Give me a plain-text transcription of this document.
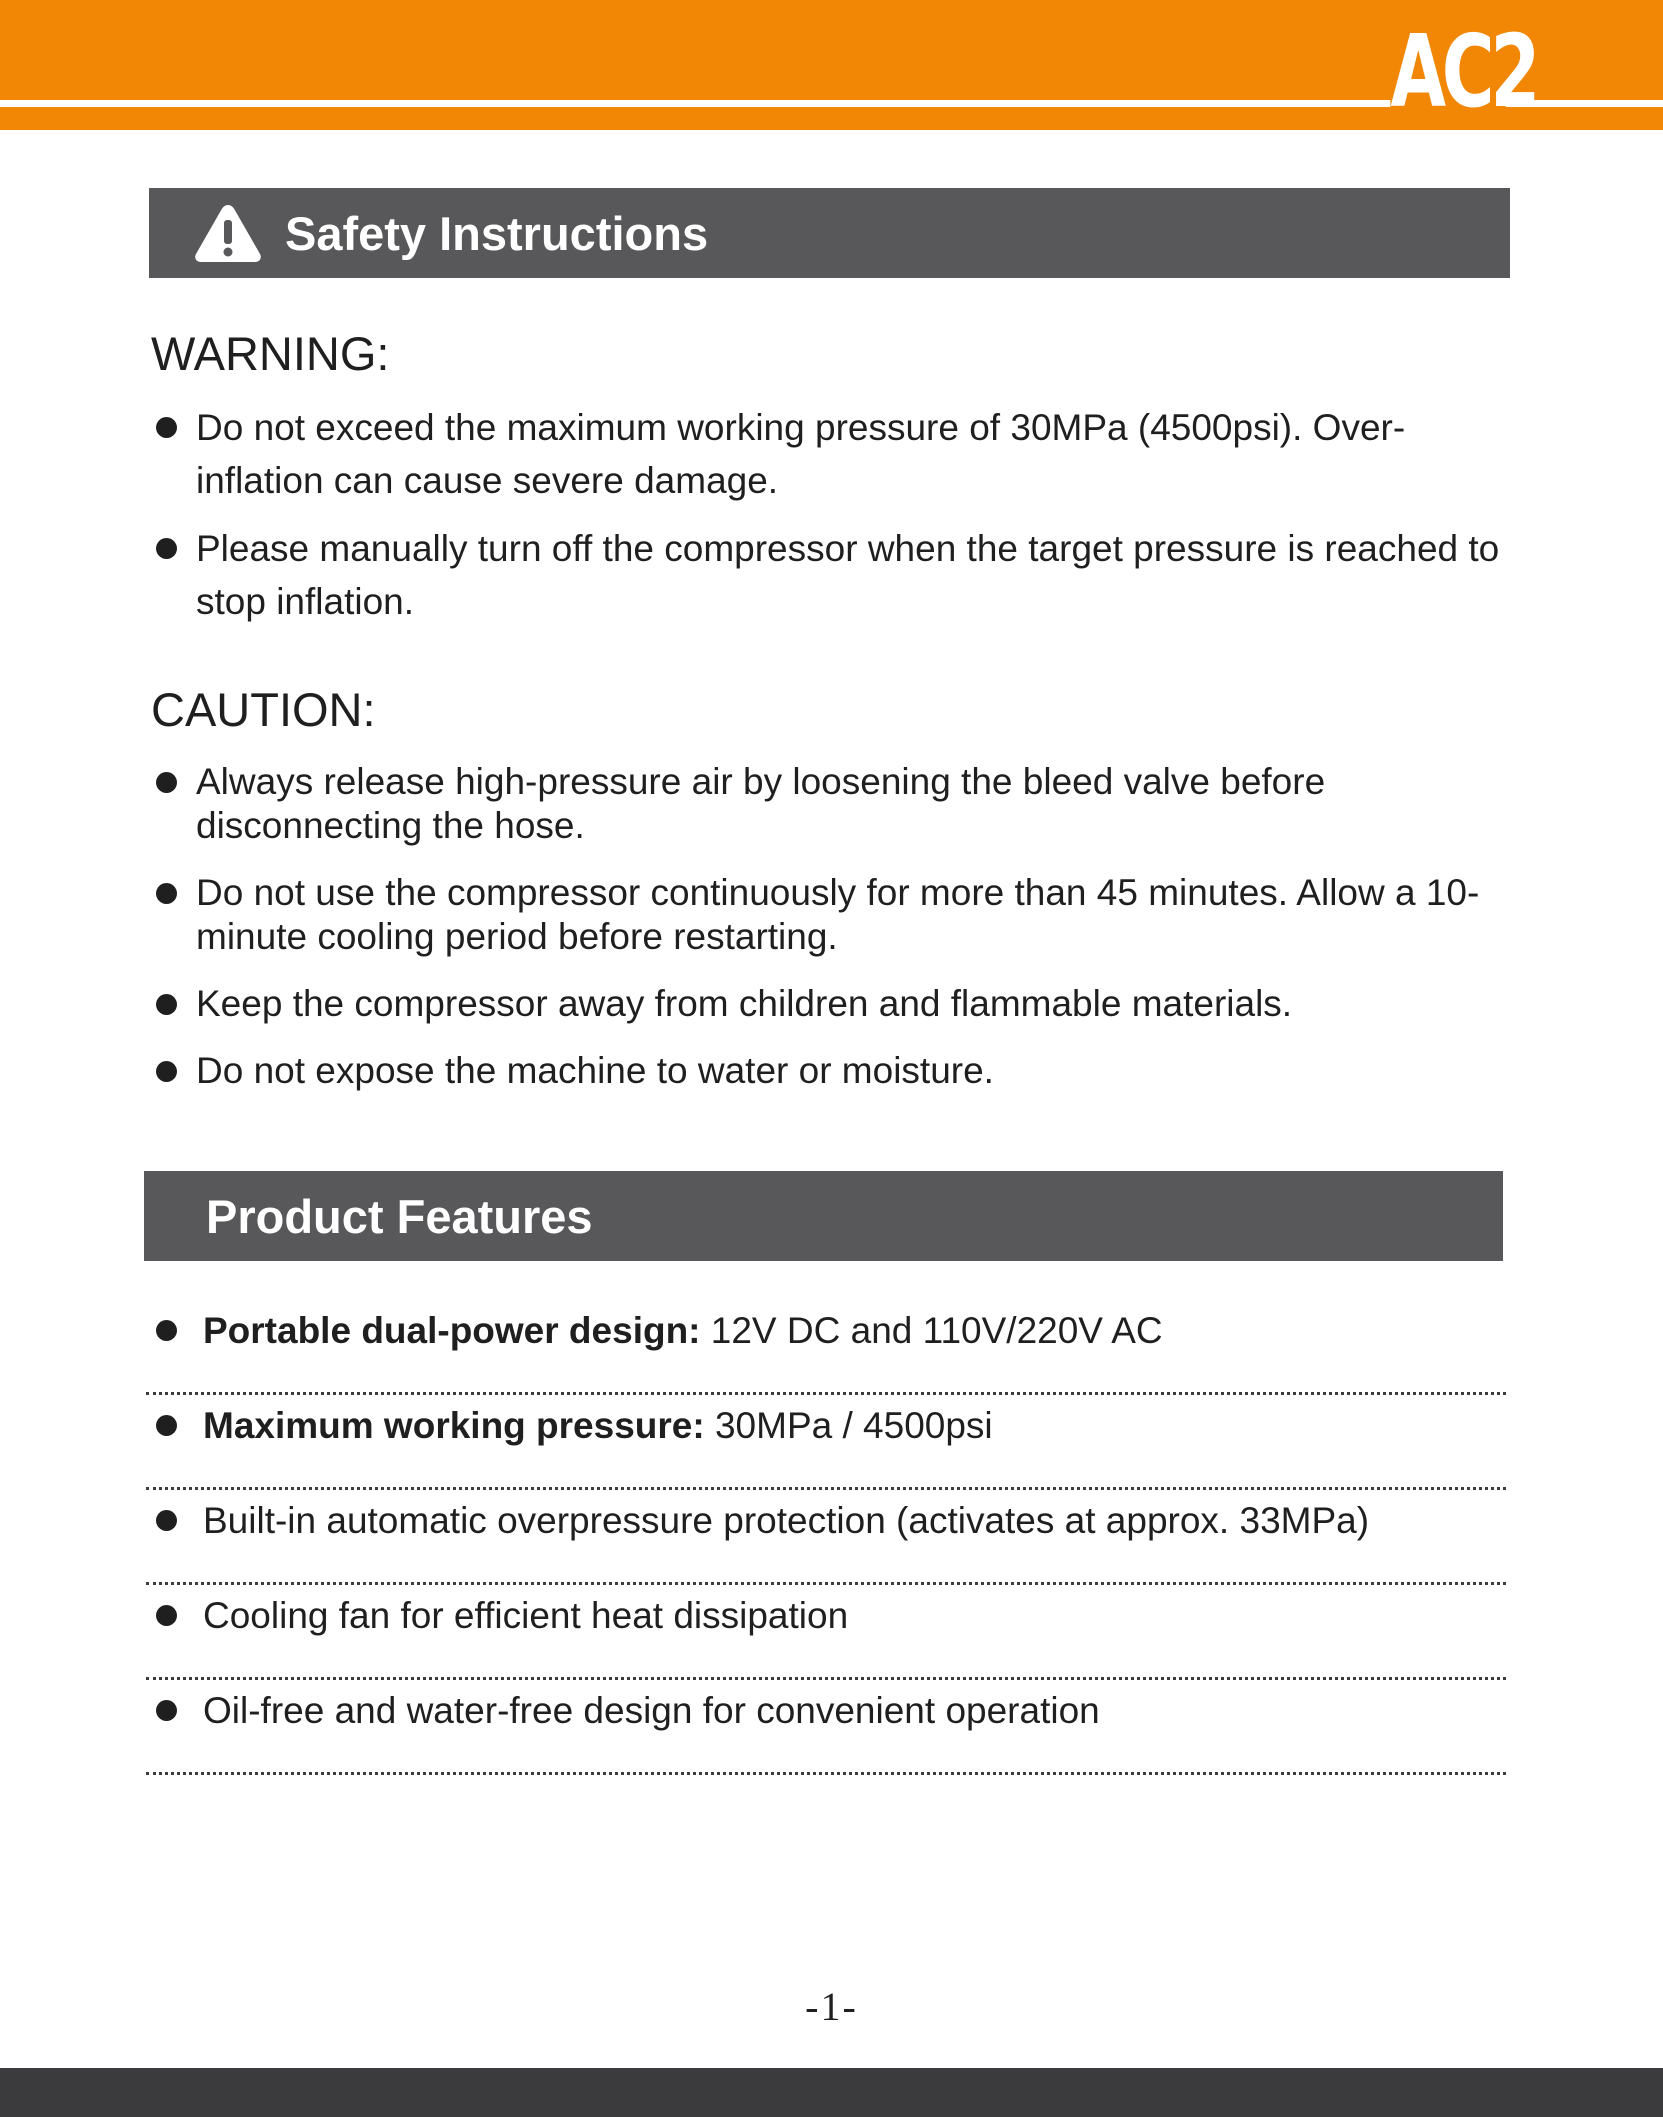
AC2
Safety Instructions
WARNING:
Do not exceed the maximum working pressure of 30MPa (4500psi). Over-inflation can cause severe damage.
Please manually turn off the compressor when the target pressure is reached to stop inflation.
CAUTION:
Always release high-pressure air by loosening the bleed valve before disconnecting the hose.
Do not use the compressor continuously for more than 45 minutes. Allow a 10-minute cooling period before restarting.
Keep the compressor away from children and flammable materials.
Do not expose the machine to water or moisture.
Product Features
Portable dual-power design: 12V DC and 110V/220V AC
Maximum working pressure: 30MPa / 4500psi
Built-in automatic overpressure protection (activates at approx. 33MPa)
Cooling fan for efficient heat dissipation
Oil-free and water-free design for convenient operation
-1-
